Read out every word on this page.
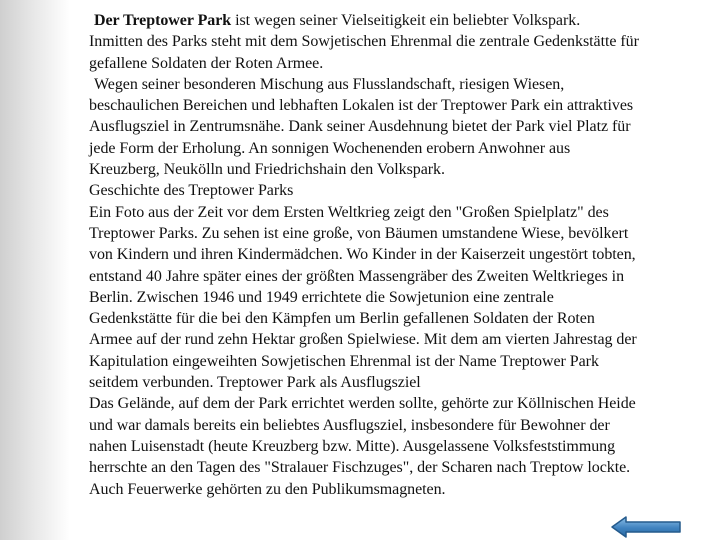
Der Treptower Park ist wegen seiner Vielseitigkeit ein beliebter Volkspark.

Inmitten des Parks steht mit dem Sowjetischen Ehrenmal die zentrale Gedenkstätte für
gefallene Soldaten der Roten Armee.

Wegen seiner besonderen Mischung aus Flusslandschaft, riesigen Wiesen,
beschaulichen Bereichen und lebhaften Lokalen ist der Treptower Park ein attraktives
Ausflugsziel in Zentrumsnähe. Dank seiner Ausdehnung bietet der Park viel Platz für
jede Form der Erholung. An sonnigen Wochenenden erobern Anwohner aus
Kreuzberg, Neukölln und Friedrichshain den Volkspark.
Geschichte des Treptower Parks
Ein Foto aus der Zeit vor dem Ersten Weltkrieg zeigt den "Großen Spielplatz" des
Treptower Parks. Zu sehen ist eine große, von Bäumen umstandene Wiese, bevölkert
von Kindern und ihren Kindermädchen. Wo Kinder in der Kaiserzeit ungestört tobten,
entstand 40 Jahre später eines der größten Massengräber des Zweiten Weltkrieges in
Berlin. Zwischen 1946 und 1949 errichtete die Sowjetunion eine zentrale
Gedenkstätte für die bei den Kämpfen um Berlin gefallenen Soldaten der Roten
Armee auf der rund zehn Hektar großen Spielwiese. Mit dem am vierten Jahrestag der
Kapitulation eingeweihten Sowjetischen Ehrenmal ist der Name Treptower Park
seitdem verbunden. Treptower Park als Ausflugsziel
Das Gelände, auf dem der Park errichtet werden sollte, gehörte zur Köllnischen Heide
und war damals bereits ein beliebtes Ausflugsziel, insbesondere für Bewohner der
nahen Luisenstadt (heute Kreuzberg bzw. Mitte). Ausgelassene Volksfeststimmung
herrschte an den Tagen des "Stralauer Fischzuges", der Scharen nach Treptow lockte.
Auch Feuerwerke gehörten zu den Publikumsmagneten.
